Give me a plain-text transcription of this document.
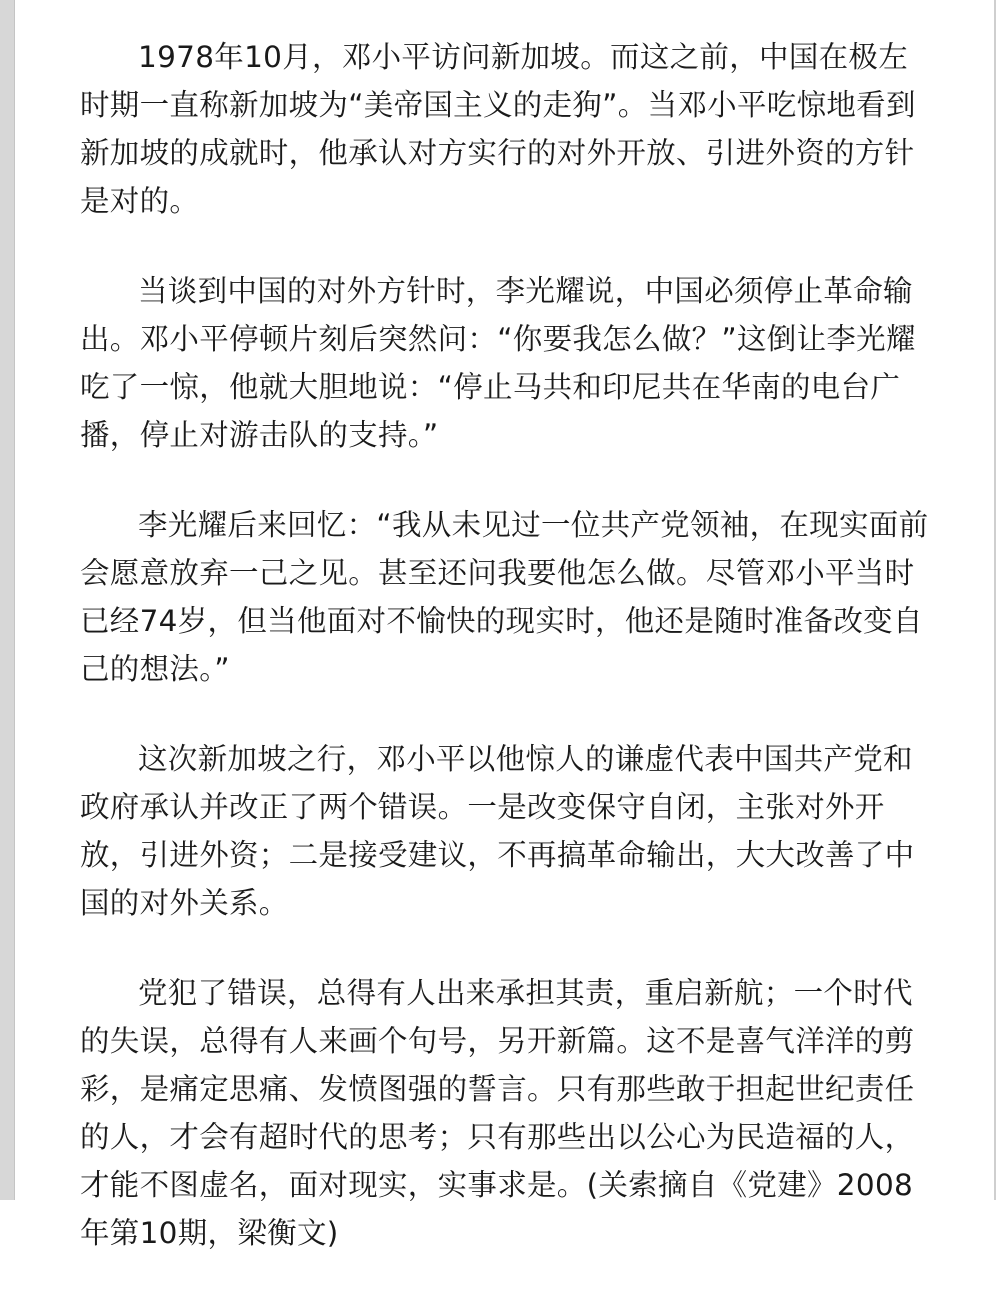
1978年10月，邓小平访问新加坡。而这之前，中国在极左时期一直称新加坡为“美帝国主义的走狗”。当邓小平吃惊地看到新加坡的成就时，他承认对方实行的对外开放、引进外资的方针是对的。

当谈到中国的对外方针时，李光耀说，中国必须停止革命输出。邓小平停顿片刻后突然问：“你要我怎么做？”这倒让李光耀吃了一惊，他就大胆地说：“停止马共和印尼共在华南的电台广播，停止对游击队的支持。”

李光耀后来回忆：“我从未见过一位共产党领袖，在现实面前会愿意放弃一己之见。甚至还问我要他怎么做。尽管邓小平当时已经74岁，但当他面对不愉快的现实时，他还是随时准备改变自己的想法。”

这次新加坡之行，邓小平以他惊人的谦虚代表中国共产党和政府承认并改正了两个错误。一是改变保守自闭，主张对外开放，引进外资；二是接受建议，不再搞革命输出，大大改善了中国的对外关系。

党犯了错误，总得有人出来承担其责，重启新航；一个时代的失误，总得有人来画个句号，另开新篇。这不是喜气洋洋的剪彩，是痛定思痛、发愤图强的誓言。只有那些敢于担起世纪责任的人，才会有超时代的思考；只有那些出以公心为民造福的人，才能不图虚名，面对现实，实事求是。(关索摘自《党建》2008年第10期，梁衡文)
